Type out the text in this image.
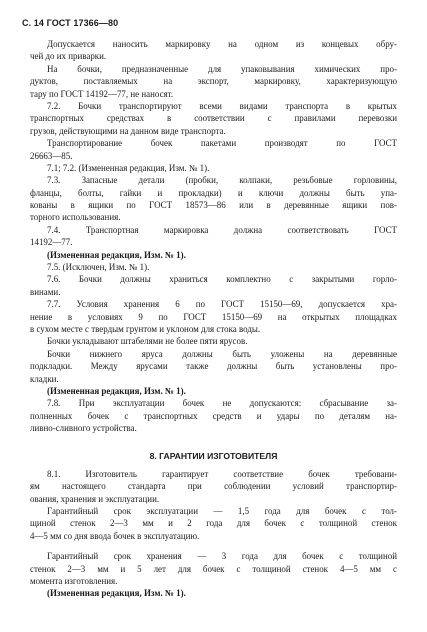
С. 14 ГОСТ 17366—80
Допускается наносить маркировку на одном из концевых обру-
чей до их приварки.
На бочки, предназначенные для упаковывания химических про-
дуктов, поставляемых на экспорт, маркировку, характеризующую
тару по ГОСТ 14192—77, не наносят.
7.2. Бочки транспортируют всеми видами транспорта в крытых
транспортных средствах в соответствии с правилами перевозки
грузов, действующими на данном виде транспорта.
Транспортирование бочек пакетами производят по ГОСТ
26663—85.
7.1; 7.2. (Измененная редакция, Изм. № 1).
7.3. Запасные детали (пробки, колпаки, резьбовые горловины,
фланцы, болты, гайки и прокладки) и ключи должны быть упа-
кованы в ящики по ГОСТ 18573—86 или в деревянные ящики пов-
торного использования.
7.4. Транспортная маркировка должна соответствовать ГОСТ
14192—77.
(Измененная редакция, Изм. № 1).
7.5. (Исключен, Изм. № 1).
7.6. Бочки должны храниться комплектно с закрытыми горло-
винами.
7.7. Условия хранения 6 по ГОСТ 15150—69, допускается хра-
нение в условиях 9 по ГОСТ 15150—69 на открытых площадках
в сухом месте с твердым грунтом и уклоном для стока воды.
Бочки укладывают штабелями не более пяти ярусов.
Бочки нижнего яруса должны быть уложены на деревянные
подкладки. Между ярусами также должны быть установлены про-
кладки.
(Измененная редакция, Изм. № 1).
7.8. При эксплуатации бочек не допускаются: сбрасывание за-
полненных бочек с транспортных средств и удары по деталям на-
ливно-сливного устройства.
8. ГАРАНТИИ ИЗГОТОВИТЕЛЯ
8.1. Изготовитель гарантирует соответствие бочек требовани-
ям настоящего стандарта при соблюдении условий транспортир-
ования, хранения и эксплуатации.
Гарантийный срок эксплуатации — 1,5 года для бочек с тол-
щиной стенок 2—3 мм и 2 года для бочек с толщиной стенок
4—5 мм со дня ввода бочек в эксплуатацию.
Гарантийный срок хранения — 3 года для бочек с толщиной
стенок 2—3 мм и 5 лет для бочек с толщиной стенок 4—5 мм с
момента изготовления.
(Измененная редакция, Изм. № 1).
